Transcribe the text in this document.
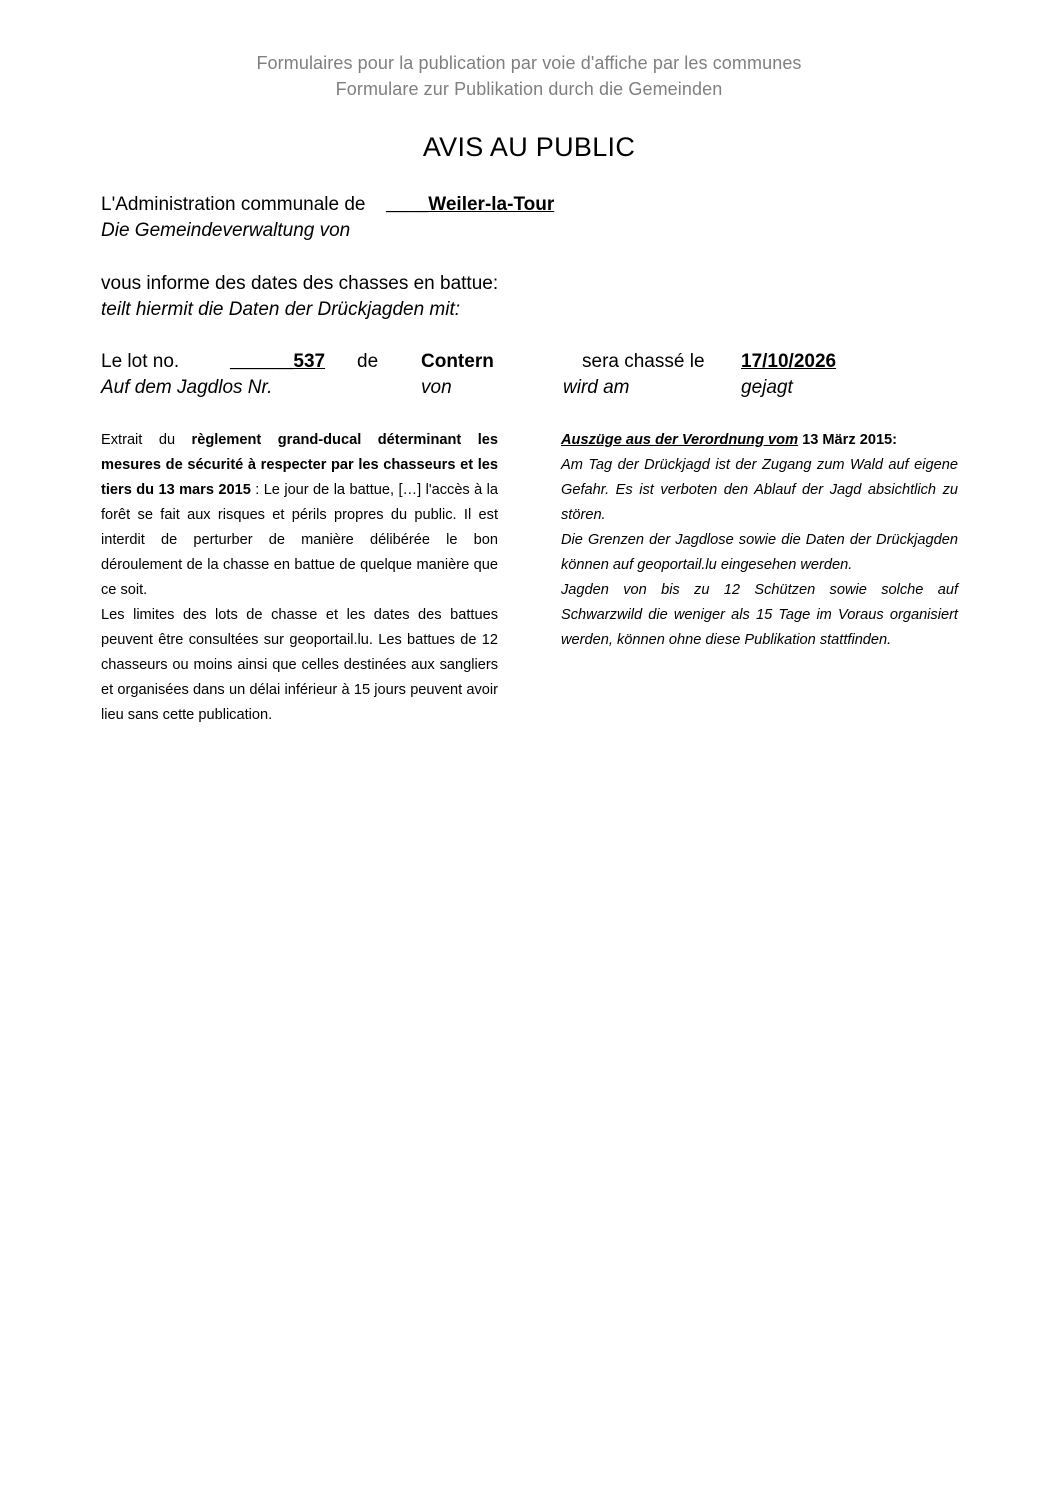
Formulaires pour la publication par voie d'affiche par les communes
Formulare zur Publikation durch die Gemeinden
AVIS AU PUBLIC
L'Administration communale de ____Weiler-la-Tour
Die Gemeindeverwaltung von
vous informe des dates des chasses en battue:
teilt hiermit die Daten der Drückjagden mit:
Le lot no.	______537 de Contern	sera chassé le 17/10/2026
Auf dem Jagdlos Nr.	von	wird am	gejagt

Extrait du règlement grand-ducal déterminant les mesures de sécurité à respecter par les chasseurs et les tiers du 13 mars 2015 : Le jour de la battue, […] l'accès à la forêt se fait aux risques et périls propres du public. Il est interdit de perturber de manière délibérée le bon déroulement de la chasse en battue de quelque manière que ce soit.

Les limites des lots de chasse et les dates des battues peuvent être consultées sur geoportail.lu. Les battues de 12 chasseurs ou moins ainsi que celles destinées aux sangliers et organisées dans un délai inférieur à 15 jours peuvent avoir lieu sans cette publication.

Auszüge aus der Verordnung vom 13 März 2015:

Am Tag der Drückjagd ist der Zugang zum Wald auf eigene Gefahr. Es ist verboten den Ablauf der Jagd absichtlich zu stören.

Die Grenzen der Jagdlose sowie die Daten der Drückjagden können auf geoportail.lu eingesehen werden.

Jagden von bis zu 12 Schützen sowie solche auf Schwarzwild die weniger als 15 Tage im Voraus organisiert werden, können ohne diese Publikation stattfinden.
